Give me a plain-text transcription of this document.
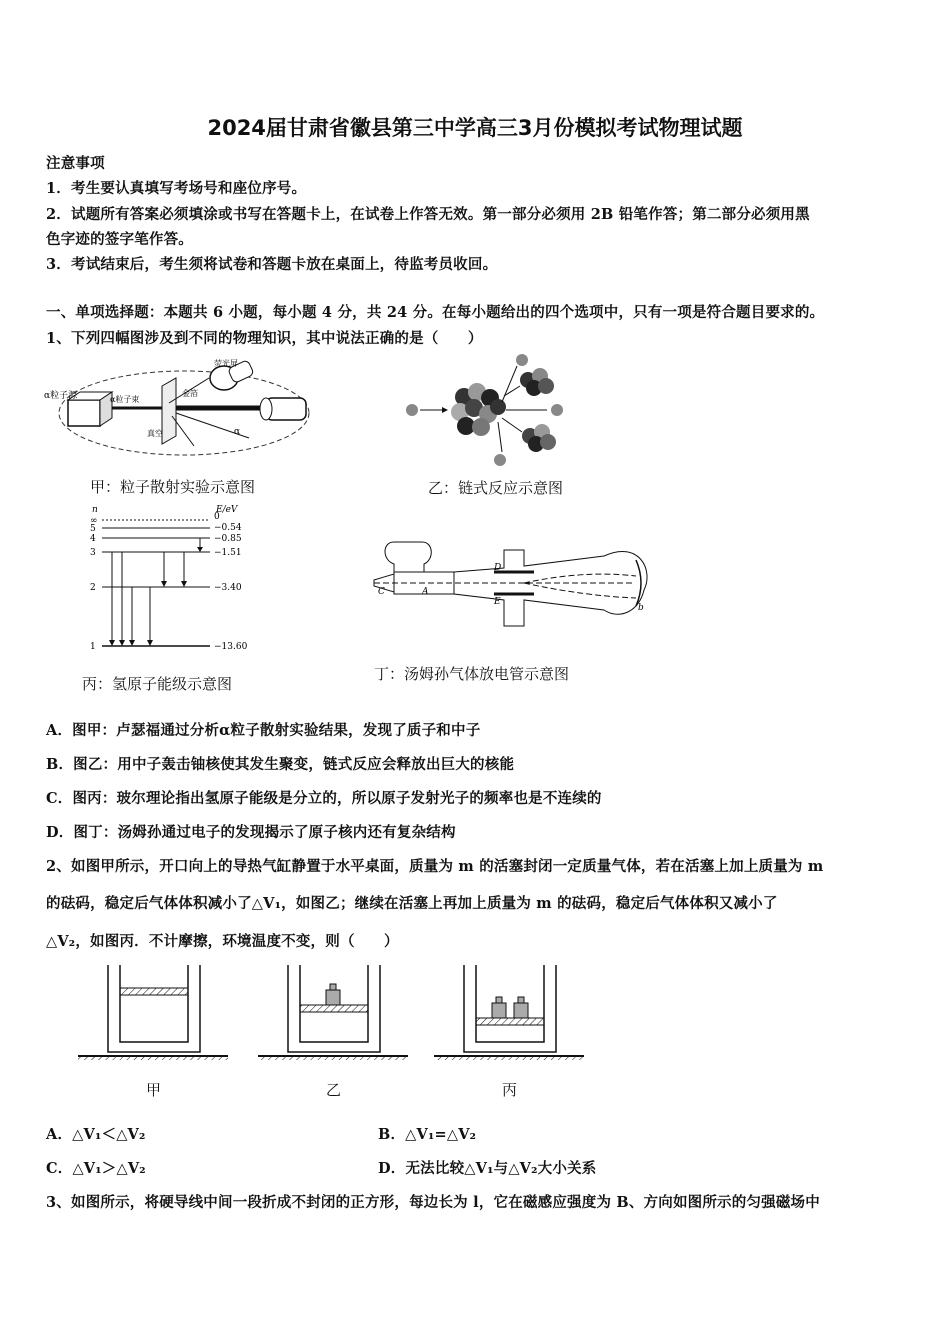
2024届甘肃省徽县第三中学高三3月份模拟考试物理试题
注意事项
1．考生要认真填写考场号和座位序号。
2．试题所有答案必须填涂或书写在答题卡上，在试卷上作答无效。第一部分必须用 2B 铅笔作答；第二部分必须用黑
色字迹的签字笔作答。
3．考试结束后，考生须将试卷和答题卡放在桌面上，待监考员收回。
一、单项选择题：本题共 6 小题，每小题 4 分，共 24 分。在每小题给出的四个选项中，只有一项是符合题目要求的。
1、下列四幅图涉及到不同的物理知识，其中说法正确的是（　　）
α粒子源	α粒子束
荧光屏
金箔
真空	α
甲：粒子散射实验示意图	乙：链式反应示意图
n	E/eV
∞
5
4
3
2
1
0
−0.54
−0.85
−1.51
−3.40
−13.60
丙：氢原子能级示意图
C	A
D
E
b
丁：汤姆孙气体放电管示意图
A．图甲：卢瑟福通过分析α粒子散射实验结果，发现了质子和中子
B．图乙：用中子轰击铀核使其发生聚变，链式反应会释放出巨大的核能
C．图丙：玻尔理论指出氢原子能级是分立的，所以原子发射光子的频率也是不连续的
D．图丁：汤姆孙通过电子的发现揭示了原子核内还有复杂结构
2、如图甲所示，开口向上的导热气缸静置于水平桌面，质量为 m 的活塞封闭一定质量气体，若在活塞上加上质量为 m
的砝码，稳定后气体体积减小了△V₁，如图乙；继续在活塞上再加上质量为 m 的砝码，稳定后气体体积又减小了
△V₂，如图丙．不计摩擦，环境温度不变，则（　　）
甲	乙	丙
A．△V₁＜△V₂	B．△V₁=△V₂
C．△V₁＞△V₂	D．无法比较△V₁与△V₂大小关系
3、如图所示，将硬导线中间一段折成不封闭的正方形，每边长为 l，它在磁感应强度为 B、方向如图所示的匀强磁场中
